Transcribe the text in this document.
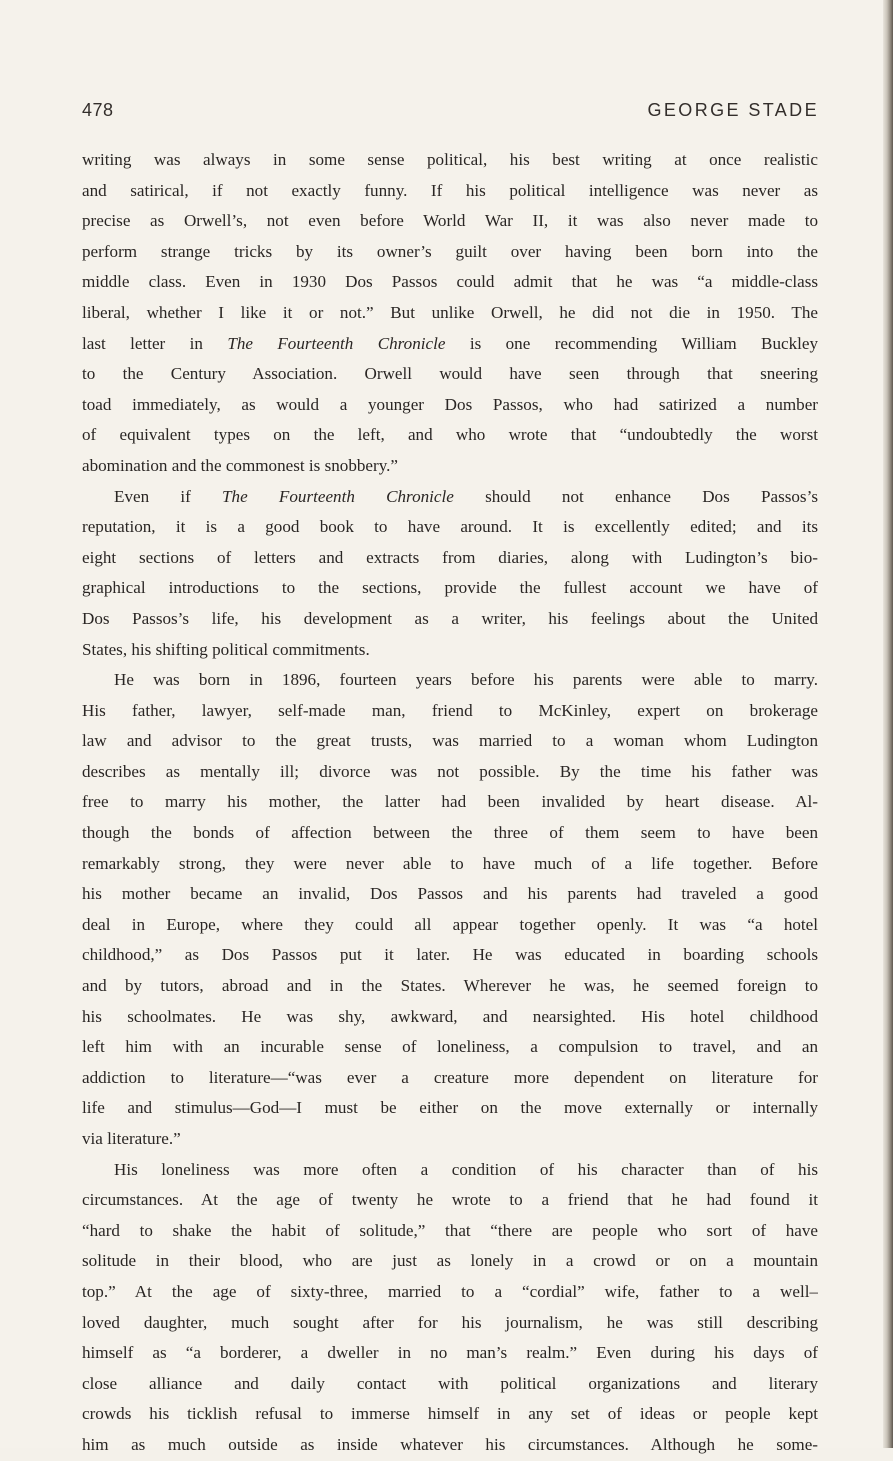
478	GEORGE STADE
writing was always in some sense political, his best writing at once realistic
and satirical, if not exactly funny. If his political intelligence was never as
precise as Orwell’s, not even before World War II, it was also never made to
perform strange tricks by its owner’s guilt over having been born into the
middle class. Even in 1930 Dos Passos could admit that he was “a middle-class
liberal, whether I like it or not.” But unlike Orwell, he did not die in 1950. The
last letter in The Fourteenth Chronicle is one recommending William Buckley
to the Century Association. Orwell would have seen through that sneering
toad immediately, as would a younger Dos Passos, who had satirized a number
of equivalent types on the left, and who wrote that “undoubtedly the worst
abomination and the commonest is snobbery.”
Even if The Fourteenth Chronicle should not enhance Dos Passos’s
reputation, it is a good book to have around. It is excellently edited; and its
eight sections of letters and extracts from diaries, along with Ludington’s bio-
graphical introductions to the sections, provide the fullest account we have of
Dos Passos’s life, his development as a writer, his feelings about the United
States, his shifting political commitments.
He was born in 1896, fourteen years before his parents were able to marry.
His father, lawyer, self-made man, friend to McKinley, expert on brokerage
law and advisor to the great trusts, was married to a woman whom Ludington
describes as mentally ill; divorce was not possible. By the time his father was
free to marry his mother, the latter had been invalided by heart disease. Al-
though the bonds of affection between the three of them seem to have been
remarkably strong, they were never able to have much of a life together. Before
his mother became an invalid, Dos Passos and his parents had traveled a good
deal in Europe, where they could all appear together openly. It was “a hotel
childhood,” as Dos Passos put it later. He was educated in boarding schools
and by tutors, abroad and in the States. Wherever he was, he seemed foreign to
his schoolmates. He was shy, awkward, and nearsighted. His hotel childhood
left him with an incurable sense of loneliness, a compulsion to travel, and an
addiction to literature—“was ever a creature more dependent on literature for
life and stimulus—God—I must be either on the move externally or internally
via literature.”
His loneliness was more often a condition of his character than of his
circumstances. At the age of twenty he wrote to a friend that he had found it
“hard to shake the habit of solitude,” that “there are people who sort of have
solitude in their blood, who are just as lonely in a crowd or on a mountain
top.” At the age of sixty-three, married to a “cordial” wife, father to a well–
loved daughter, much sought after for his journalism, he was still describing
himself as “a borderer, a dweller in no man’s realm.” Even during his days of
close alliance and daily contact with political organizations and literary
crowds his ticklish refusal to immerse himself in any set of ideas or people kept
him as much outside as inside whatever his circumstances. Although he some-
